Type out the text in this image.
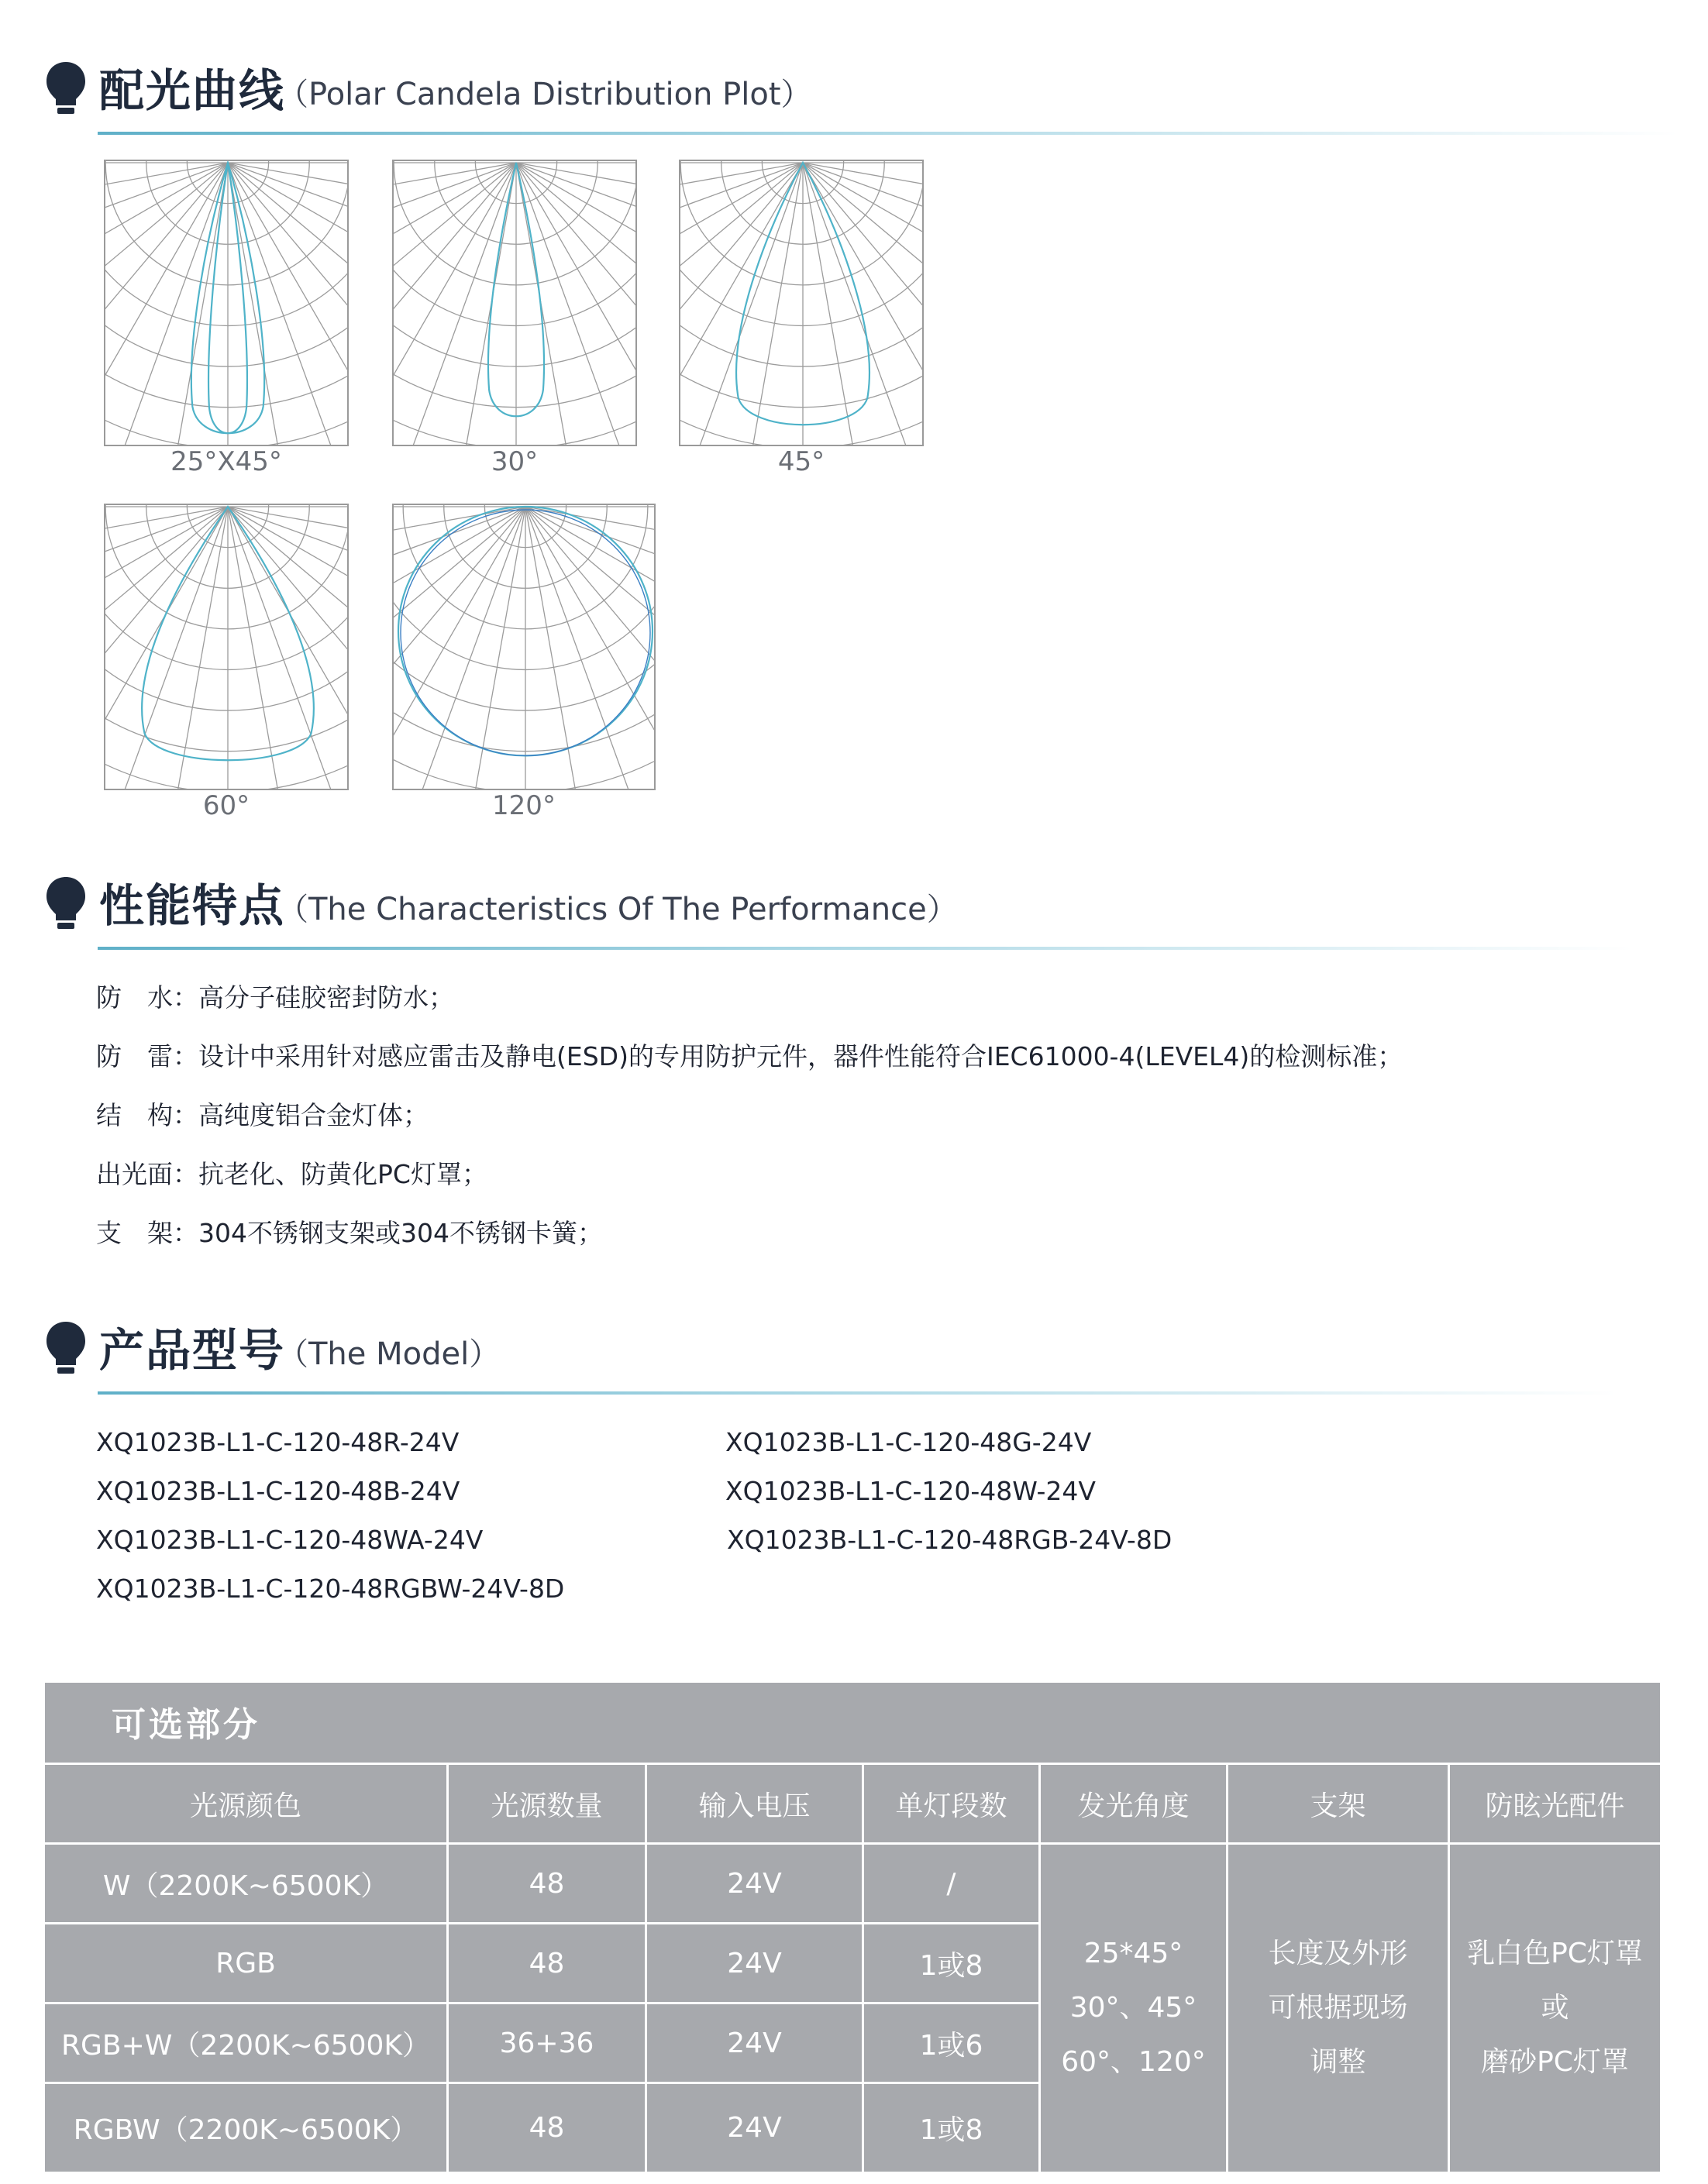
配光曲线
（Polar Candela Distribution Plot）
25°X45°	30°	45°
60°	120°
性能特点
（The Characteristics Of The Performance）
防　水：高分子硅胶密封防水；
防　雷：设计中采用针对感应雷击及静电(ESD)的专用防护元件，器件性能符合IEC61000-4(LEVEL4)的检测标准；
结　构：高纯度铝合金灯体；
出光面：抗老化、防黄化PC灯罩；
支　架：304不锈钢支架或304不锈钢卡簧；
产品型号
（The Model）
XQ1023B-L1-C-120-48R-24V
XQ1023B-L1-C-120-48B-24V
XQ1023B-L1-C-120-48WA-24V
XQ1023B-L1-C-120-48RGBW-24V-8D
XQ1023B-L1-C-120-48G-24V
XQ1023B-L1-C-120-48W-24V
XQ1023B-L1-C-120-48RGB-24V-8D
可选部分
光源颜色	光源数量	输入电压	单灯段数	发光角度	支架	防眩光配件
W（2200K~6500K）	48	24V	/
RGB	48	24V	1或8
RGB+W（2200K~6500K）	36+36	24V	1或6
RGBW（2200K~6500K）	48	24V	1或8
25*45°
30°、45°
60°、120°
长度及外形
可根据现场
调整
乳白色PC灯罩
或
磨砂PC灯罩
